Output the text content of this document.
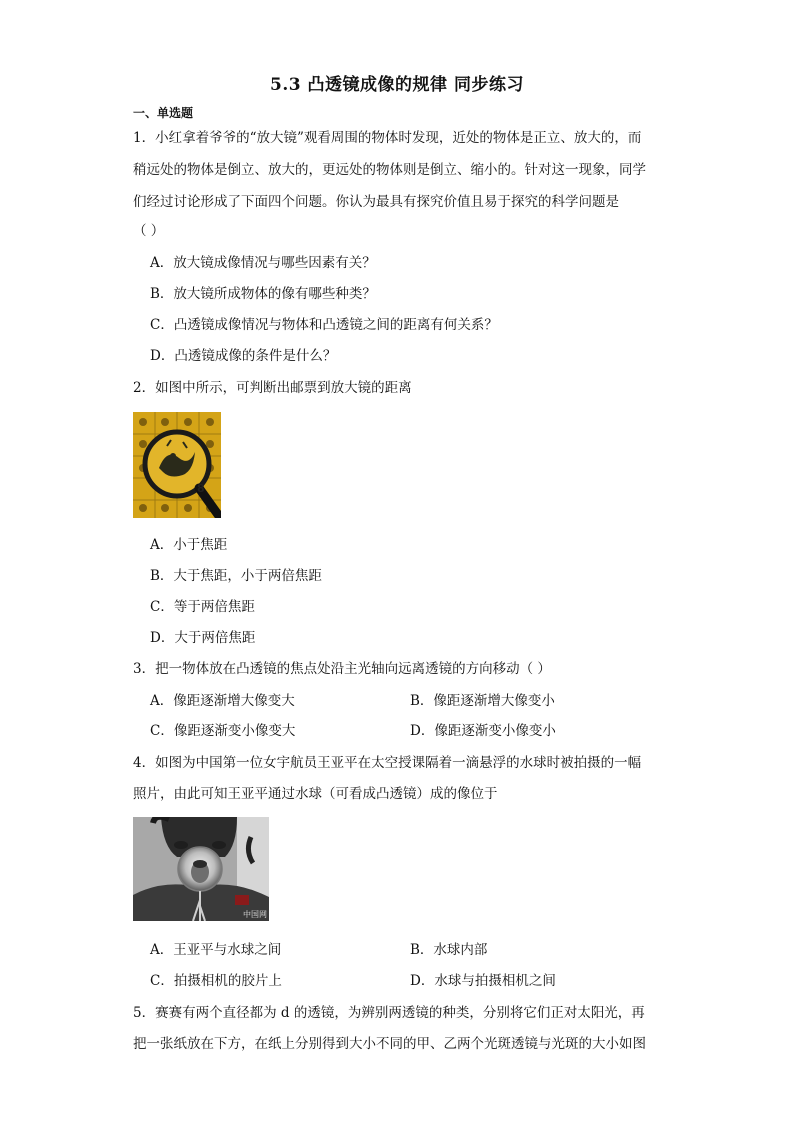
5.3 凸透镜成像的规律 同步练习
一、单选题
1．小红拿着爷爷的“放大镜”观看周围的物体时发现，近处的物体是正立、放大的，而
稍远处的物体是倒立、放大的，更远处的物体则是倒立、缩小的。针对这一现象，同学
们经过讨论形成了下面四个问题。你认为最具有探究价值且易于探究的科学问题是
（ ）
A．放大镜成像情况与哪些因素有关？
B．放大镜所成物体的像有哪些种类？
C．凸透镜成像情况与物体和凸透镜之间的距离有何关系？
D．凸透镜成像的条件是什么？
2．如图中所示，可判断出邮票到放大镜的距离
8
A．小于焦距
B．大于焦距，小于两倍焦距
C．等于两倍焦距
D．大于两倍焦距
3．把一物体放在凸透镜的焦点处沿主光轴向远离透镜的方向移动（ ）
A．像距逐渐增大像变大	B．像距逐渐增大像变小
C．像距逐渐变小像变大	D．像距逐渐变小像变小
4．如图为中国第一位女宇航员王亚平在太空授课隔着一滴悬浮的水球时被拍摄的一幅
照片，由此可知王亚平通过水球（可看成凸透镜）成的像位于
中国网
A．王亚平与水球之间	B．水球内部
C．拍摄相机的胶片上	D．水球与拍摄相机之间
5．赛赛有两个直径都为 d 的透镜，为辨别两透镜的种类，分别将它们正对太阳光，再
把一张纸放在下方，在纸上分别得到大小不同的甲、乙两个光斑透镜与光斑的大小如图
